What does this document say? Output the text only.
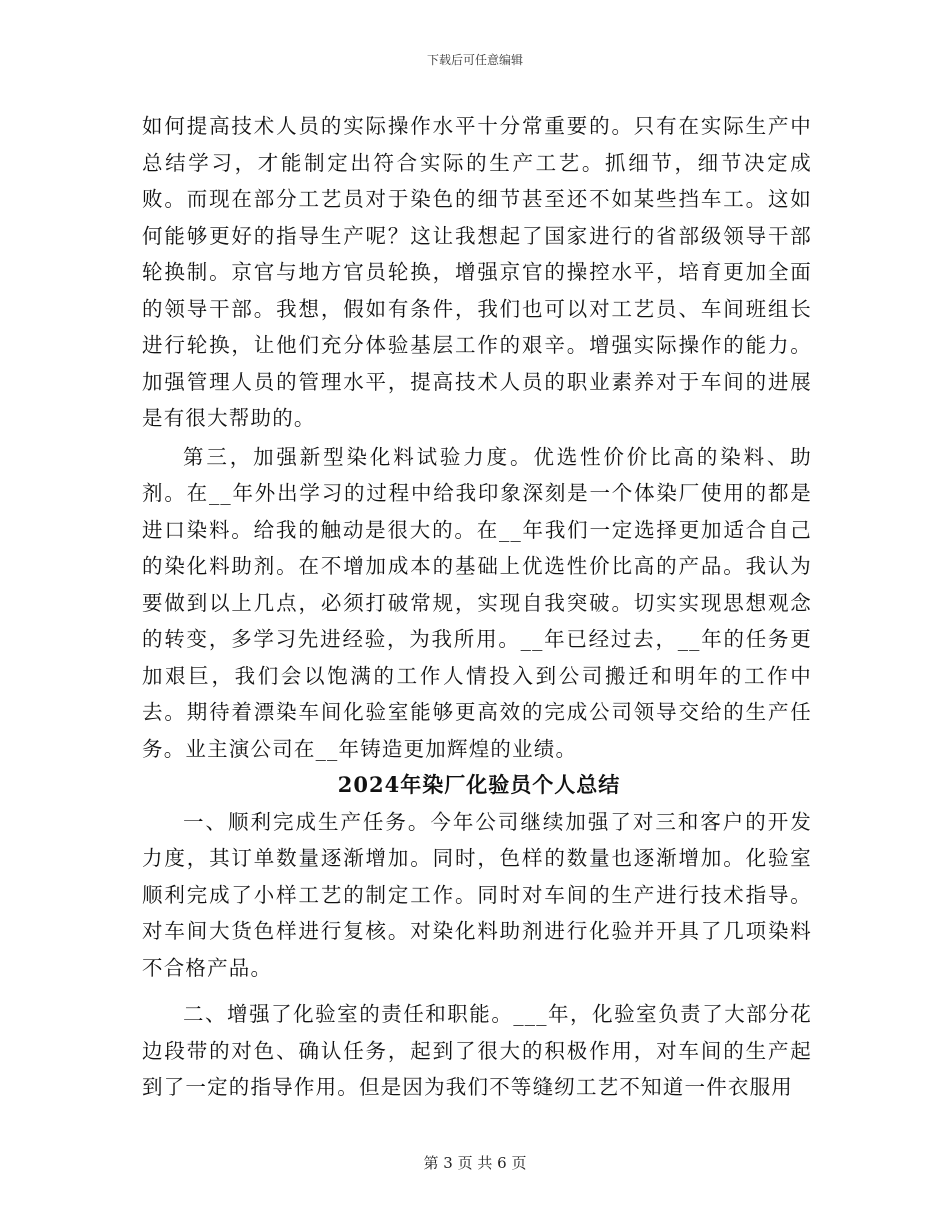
下载后可任意编辑

如何提高技术人员的实际操作水平十分常重要的。只有在实际生产中总结学习，才能制定出符合实际的生产工艺。抓细节，细节决定成败。而现在部分工艺员对于染色的细节甚至还不如某些挡车工。这如何能够更好的指导生产呢？这让我想起了国家进行的省部级领导干部轮换制。京官与地方官员轮换，增强京官的操控水平，培育更加全面的领导干部。我想，假如有条件，我们也可以对工艺员、车间班组长进行轮换，让他们充分体验基层工作的艰辛。增强实际操作的能力。加强管理人员的管理水平，提高技术人员的职业素养对于车间的进展是有很大帮助的。

第三，加强新型染化料试验力度。优选性价价比高的染料、助剂。在__年外出学习的过程中给我印象深刻是一个体染厂使用的都是进口染料。给我的触动是很大的。在__年我们一定选择更加适合自己的染化料助剂。在不增加成本的基础上优选性价比高的产品。我认为要做到以上几点，必须打破常规，实现自我突破。切实实现思想观念的转变，多学习先进经验，为我所用。__年已经过去，__年的任务更加艰巨，我们会以饱满的工作人情投入到公司搬迁和明年的工作中去。期待着漂染车间化验室能够更高效的完成公司领导交给的生产任务。业主演公司在__年铸造更加辉煌的业绩。

2024年染厂化验员个人总结

一、顺利完成生产任务。今年公司继续加强了对三和客户的开发力度，其订单数量逐渐增加。同时，色样的数量也逐渐增加。化验室顺利完成了小样工艺的制定工作。同时对车间的生产进行技术指导。对车间大货色样进行复核。对染化料助剂进行化验并开具了几项染料不合格产品。

二、增强了化验室的责任和职能。___年，化验室负责了大部分花边段带的对色、确认任务，起到了很大的积极作用，对车间的生产起到了一定的指导作用。但是因为我们不等缝纫工艺不知道一件衣服用

第 3 页 共 6 页
